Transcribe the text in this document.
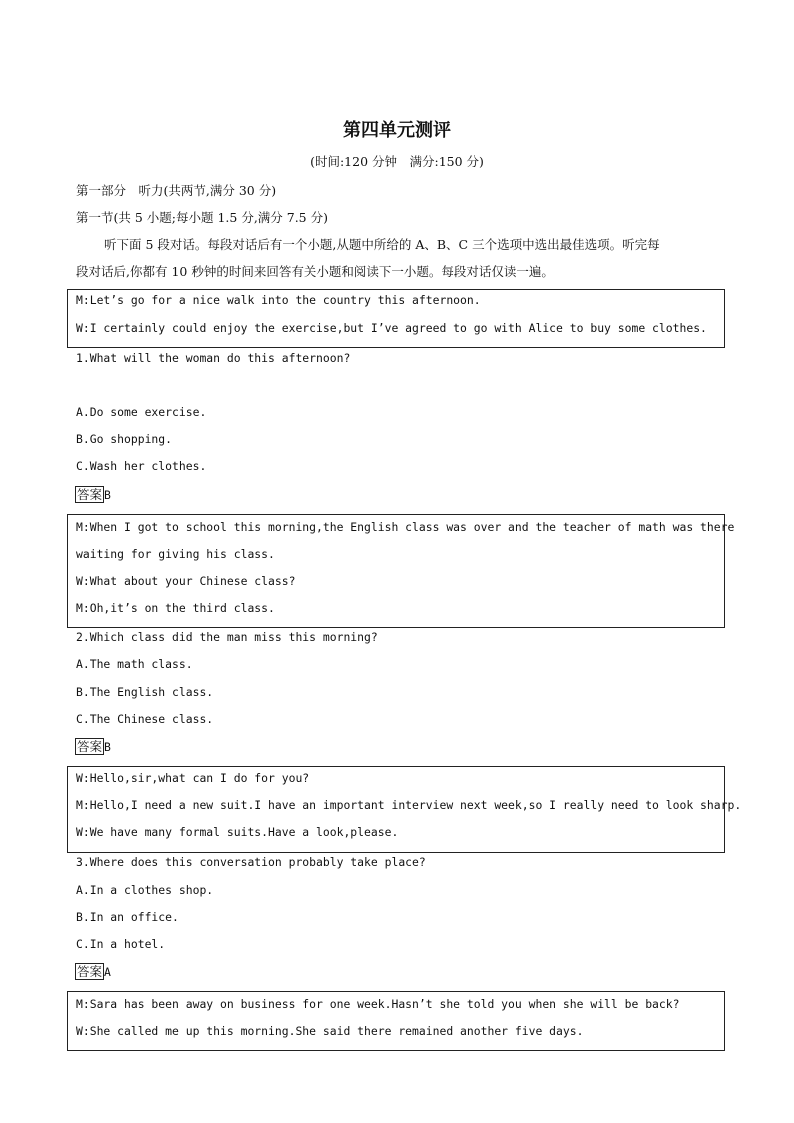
第四单元测评
(时间:120 分钟　满分:150 分)
第一部分　听力(共两节,满分 30 分)
第一节(共 5 小题;每小题 1.5 分,满分 7.5 分)
听下面 5 段对话。每段对话后有一个小题,从题中所给的 A、B、C 三个选项中选出最佳选项。听完每
段对话后,你都有 10 秒钟的时间来回答有关小题和阅读下一小题。每段对话仅读一遍。
M:Let’s go for a nice walk into the country this afternoon.
W:I certainly could enjoy the exercise,but I’ve agreed to go with Alice to buy some clothes.
1.What will the woman do this afternoon?
A.Do some exercise.
B.Go shopping.
C.Wash her clothes.
答案 B
M:When I got to school this morning,the English class was over and the teacher of math was there
waiting for giving his class.
W:What about your Chinese class?
M:Oh,it’s on the third class.
2.Which class did the man miss this morning?
A.The math class.
B.The English class.
C.The Chinese class.
答案 B
W:Hello,sir,what can I do for you?
M:Hello,I need a new suit.I have an important interview next week,so I really need to look sharp.
W:We have many formal suits.Have a look,please.
3.Where does this conversation probably take place?
A.In a clothes shop.
B.In an office.
C.In a hotel.
答案 A
M:Sara has been away on business for one week.Hasn’t she told you when she will be back?
W:She called me up this morning.She said there remained another five days.
